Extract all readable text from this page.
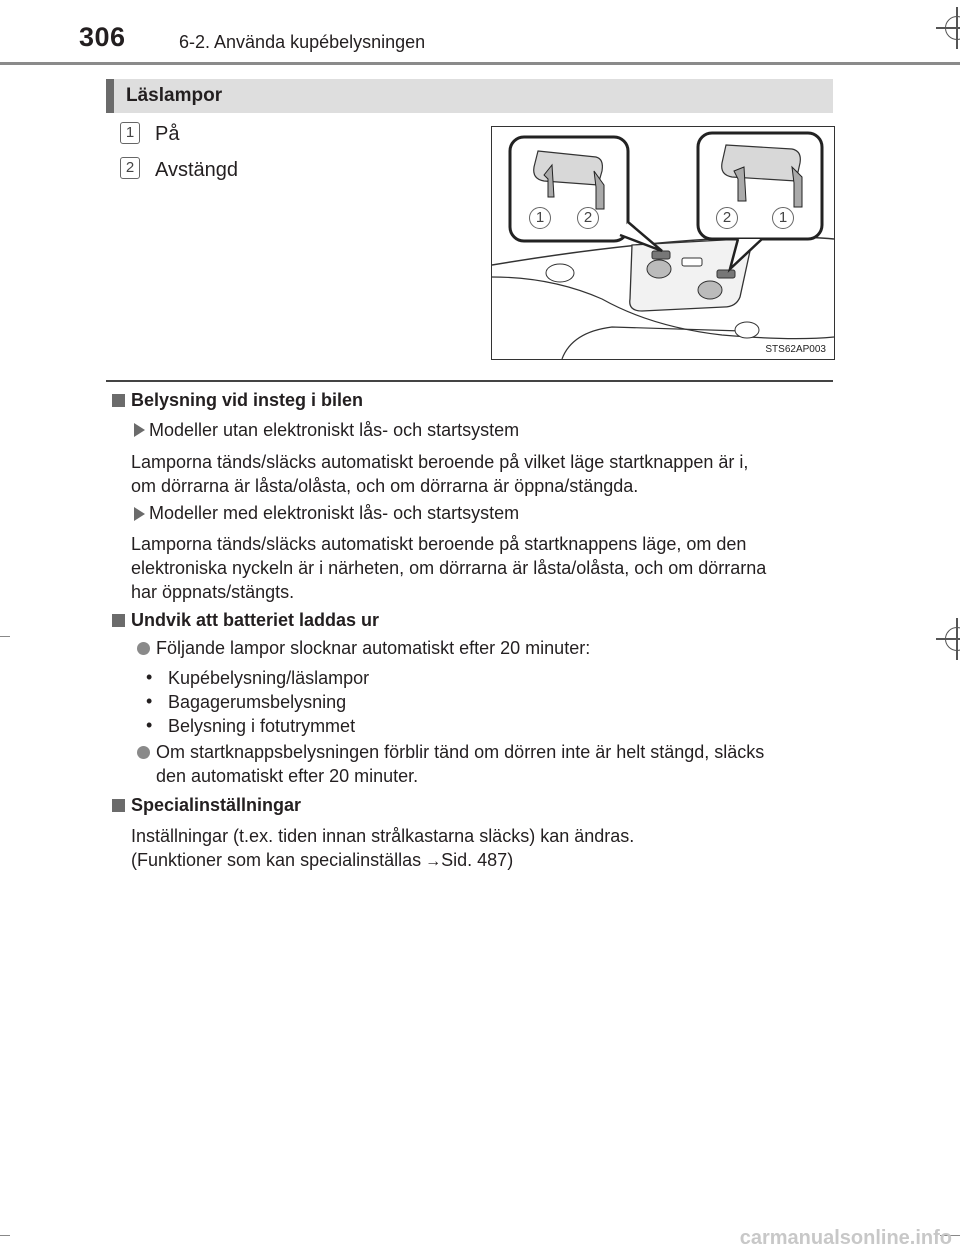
306	6-2. Använda kupébelysningen
Läslampor
1 På
2 Avstängd
1	2	2	1
STS62AP003
Belysning vid insteg i bilen
Modeller utan elektroniskt lås- och startsystem
Lamporna tänds/släcks automatiskt beroende på vilket läge startknappen är i,
om dörrarna är låsta/olåsta, och om dörrarna är öppna/stängda.
Modeller med elektroniskt lås- och startsystem
Lamporna tänds/släcks automatiskt beroende på startknappens läge, om den
elektroniska nyckeln är i närheten, om dörrarna är låsta/olåsta, och om dörrarna
har öppnats/stängts.
Undvik att batteriet laddas ur
Följande lampor slocknar automatiskt efter 20 minuter:
• Kupébelysning/läslampor
• Bagagerumsbelysning
• Belysning i fotutrymmet
Om startknappsbelysningen förblir tänd om dörren inte är helt stängd, släcks
den automatiskt efter 20 minuter.
Specialinställningar
Inställningar (t.ex. tiden innan strålkastarna släcks) kan ändras.
(Funktioner som kan specialinställas →Sid. 487)
carmanualsonline.info
